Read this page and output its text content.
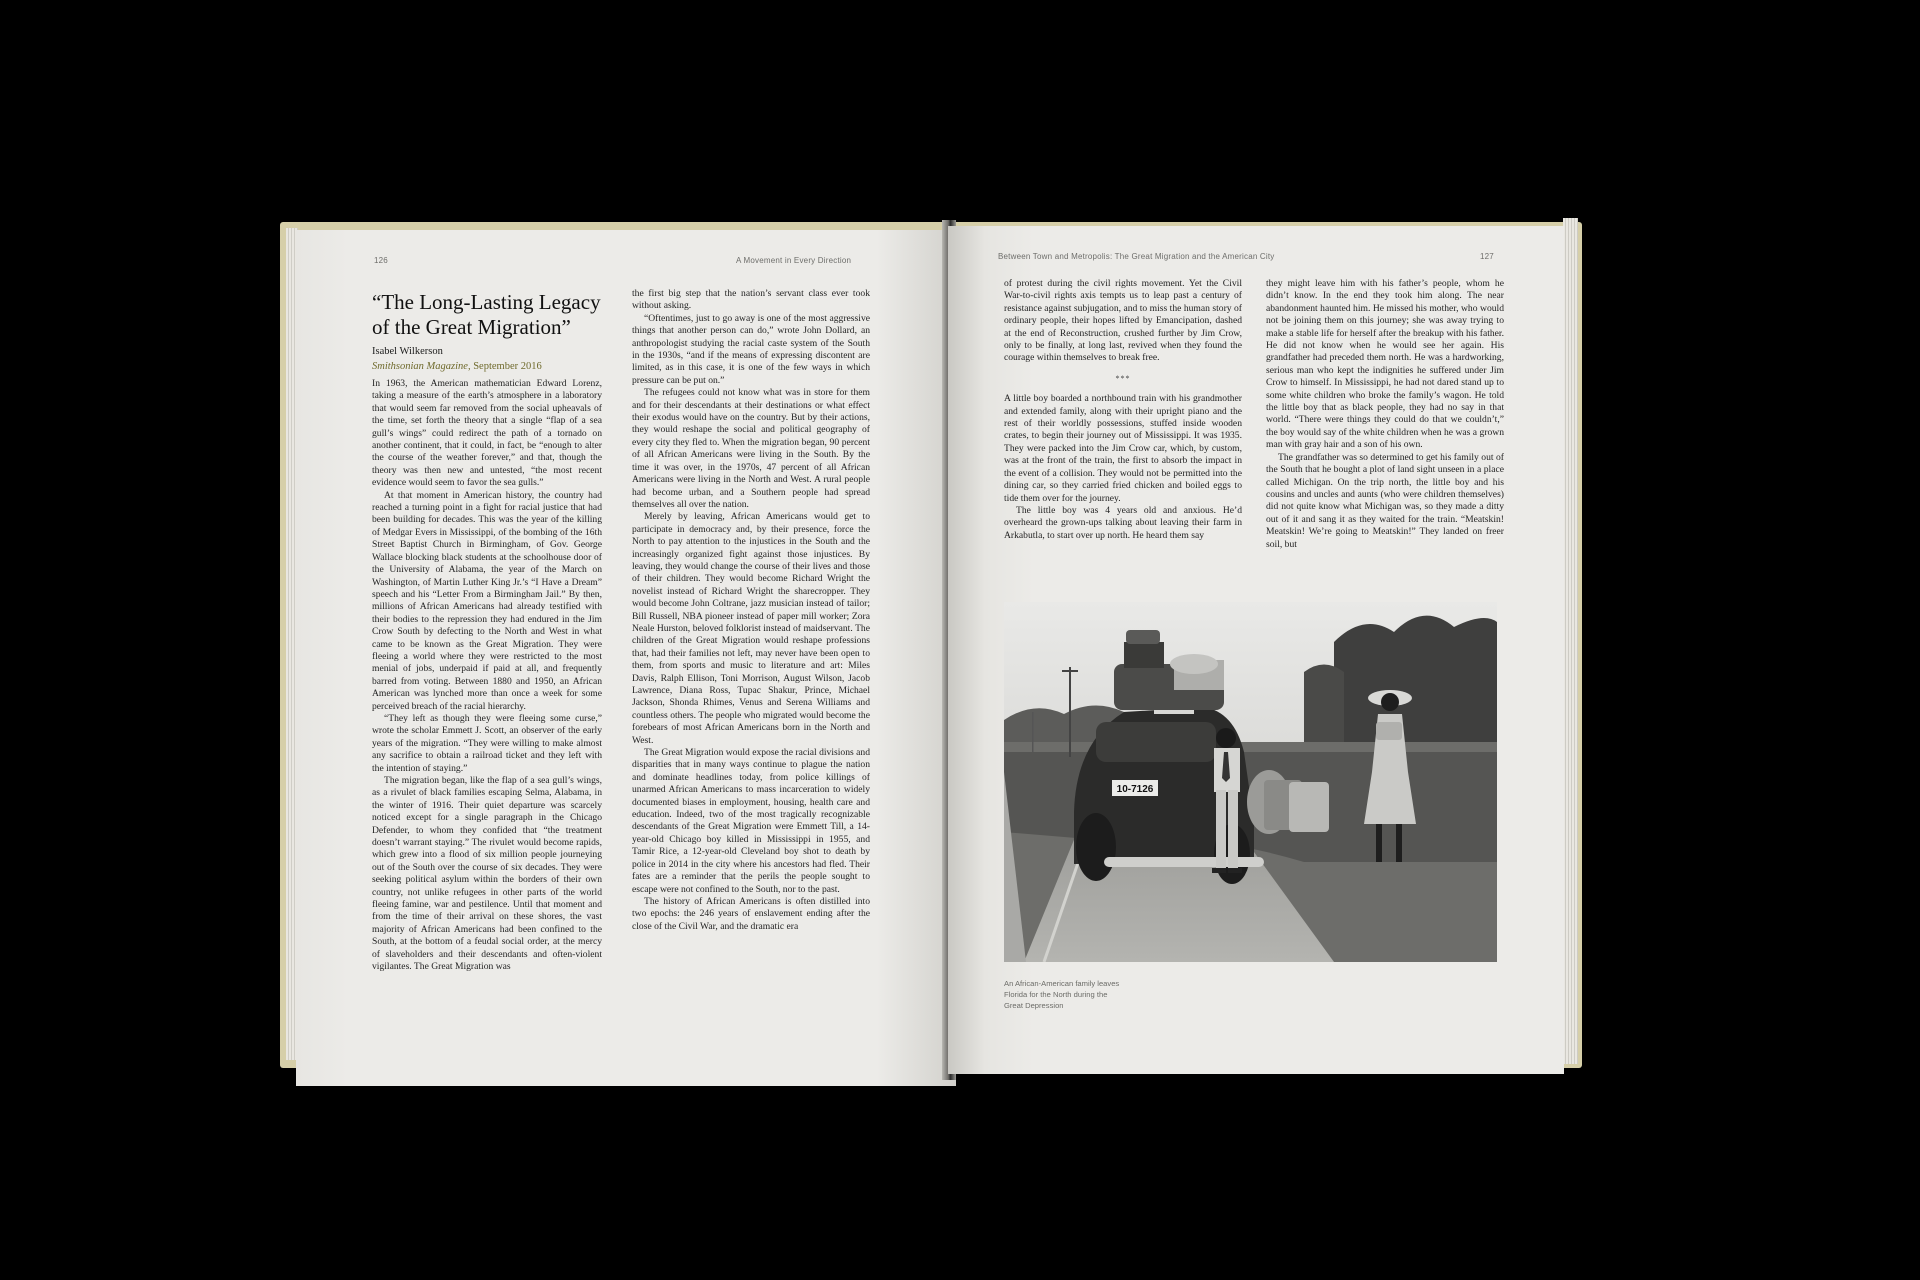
126	A Movement in Every Direction
“The Long-Lasting Legacy
of the Great Migration”
Isabel Wilkerson
Smithsonian Magazine, September 2016

In 1963, the American mathematician Edward Lorenz, taking a measure of the earth’s atmosphere in a laboratory that would seem far removed from the social upheavals of the time, set forth the theory that a single “flap of a sea gull’s wings” could redirect the path of a tornado on another continent, that it could, in fact, be “enough to alter the course of the weather forever,” and that, though the theory was then new and untested, “the most recent evidence would seem to favor the sea gulls.”

At that moment in American history, the country had reached a turning point in a fight for racial justice that had been building for decades. This was the year of the killing of Medgar Evers in Mississippi, of the bombing of the 16th Street Baptist Church in Birmingham, of Gov. George Wallace blocking black students at the schoolhouse door of the University of Alabama, the year of the March on Washington, of Martin Luther King Jr.’s “I Have a Dream” speech and his “Letter From a Birmingham Jail.” By then, millions of African Americans had already testified with their bodies to the repression they had endured in the Jim Crow South by defecting to the North and West in what came to be known as the Great Migration. They were fleeing a world where they were restricted to the most menial of jobs, underpaid if paid at all, and frequently barred from voting. Between 1880 and 1950, an African American was lynched more than once a week for some perceived breach of the racial hierarchy.

“They left as though they were fleeing some curse,” wrote the scholar Emmett J. Scott, an observer of the early years of the migration. “They were willing to make almost any sacrifice to obtain a railroad ticket and they left with the intention of staying.”

The migration began, like the flap of a sea gull’s wings, as a rivulet of black families escaping Selma, Alabama, in the winter of 1916. Their quiet departure was scarcely noticed except for a single paragraph in the Chicago Defender, to whom they confided that “the treatment doesn’t warrant staying.” The rivulet would become rapids, which grew into a flood of six million people journeying out of the South over the course of six decades. They were seeking political asylum within the borders of their own country, not unlike refugees in other parts of the world fleeing famine, war and pestilence. Until that moment and from the time of their arrival on these shores, the vast majority of African Americans had been confined to the South, at the bottom of a feudal social order, at the mercy of slaveholders and their descendants and often-violent vigilantes. The Great Migration was

the first big step that the nation’s servant class ever took without asking.

“Oftentimes, just to go away is one of the most aggressive things that another person can do,” wrote John Dollard, an anthropologist studying the racial caste system of the South in the 1930s, “and if the means of expressing discontent are limited, as in this case, it is one of the few ways in which pressure can be put on.”

The refugees could not know what was in store for them and for their descendants at their destinations or what effect their exodus would have on the country. But by their actions, they would reshape the social and political geography of every city they fled to. When the migration began, 90 percent of all African Americans were living in the South. By the time it was over, in the 1970s, 47 percent of all African Americans were living in the North and West. A rural people had become urban, and a Southern people had spread themselves all over the nation.

Merely by leaving, African Americans would get to participate in democracy and, by their presence, force the North to pay attention to the injustices in the South and the increasingly organized fight against those injustices. By leaving, they would change the course of their lives and those of their children. They would become Richard Wright the novelist instead of Richard Wright the sharecropper. They would become John Coltrane, jazz musician instead of tailor; Bill Russell, NBA pioneer instead of paper mill worker; Zora Neale Hurston, beloved folklorist instead of maidservant. The children of the Great Migration would reshape professions that, had their families not left, may never have been open to them, from sports and music to literature and art: Miles Davis, Ralph Ellison, Toni Morrison, August Wilson, Jacob Lawrence, Diana Ross, Tupac Shakur, Prince, Michael Jackson, Shonda Rhimes, Venus and Serena Williams and countless others. The people who migrated would become the forebears of most African Americans born in the North and West.

The Great Migration would expose the racial divisions and disparities that in many ways continue to plague the nation and dominate headlines today, from police killings of unarmed African Americans to mass incarceration to widely documented biases in employment, housing, health care and education. Indeed, two of the most tragically recognizable descendants of the Great Migration were Emmett Till, a 14-year-old Chicago boy killed in Mississippi in 1955, and Tamir Rice, a 12-year-old Cleveland boy shot to death by police in 2014 in the city where his ancestors had fled. Their fates are a reminder that the perils the people sought to escape were not confined to the South, nor to the past.

The history of African Americans is often distilled into two epochs: the 246 years of enslavement ending after the close of the Civil War, and the dramatic era

Between Town and Metropolis: The Great Migration and the American City	127

of protest during the civil rights movement. Yet the Civil War-to-civil rights axis tempts us to leap past a century of resistance against subjugation, and to miss the human story of ordinary people, their hopes lifted by Emancipation, dashed at the end of Reconstruction, crushed further by Jim Crow, only to be finally, at long last, revived when they found the courage within themselves to break free.

***

A little boy boarded a northbound train with his grandmother and extended family, along with their upright piano and the rest of their worldly possessions, stuffed inside wooden crates, to begin their journey out of Mississippi. It was 1935. They were packed into the Jim Crow car, which, by custom, was at the front of the train, the first to absorb the impact in the event of a collision. They would not be permitted into the dining car, so they carried fried chicken and boiled eggs to tide them over for the journey.

The little boy was 4 years old and anxious. He’d overheard the grown-ups talking about leaving their farm in Arkabutla, to start over up north. He heard them say

they might leave him with his father’s people, whom he didn’t know. In the end they took him along. The near abandonment haunted him. He missed his mother, who would not be joining them on this journey; she was away trying to make a stable life for herself after the breakup with his father. He did not know when he would see her again. His grandfather had preceded them north. He was a hardworking, serious man who kept the indignities he suffered under Jim Crow to himself. In Mississippi, he had not dared stand up to some white children who broke the family’s wagon. He told the little boy that as black people, they had no say in that world. “There were things they could do that we couldn’t,” the boy would say of the white children when he was a grown man with gray hair and a son of his own.

The grandfather was so determined to get his family out of the South that he bought a plot of land sight unseen in a place called Michigan. On the trip north, the little boy and his cousins and uncles and aunts (who were children themselves) did not quite know what Michigan was, so they made a ditty out of it and sang it as they waited for the train. “Meatskin! Meatskin! We’re going to Meatskin!” They landed on freer soil, but

10-7126
An African-American family leaves
Florida for the North during the
Great Depression
